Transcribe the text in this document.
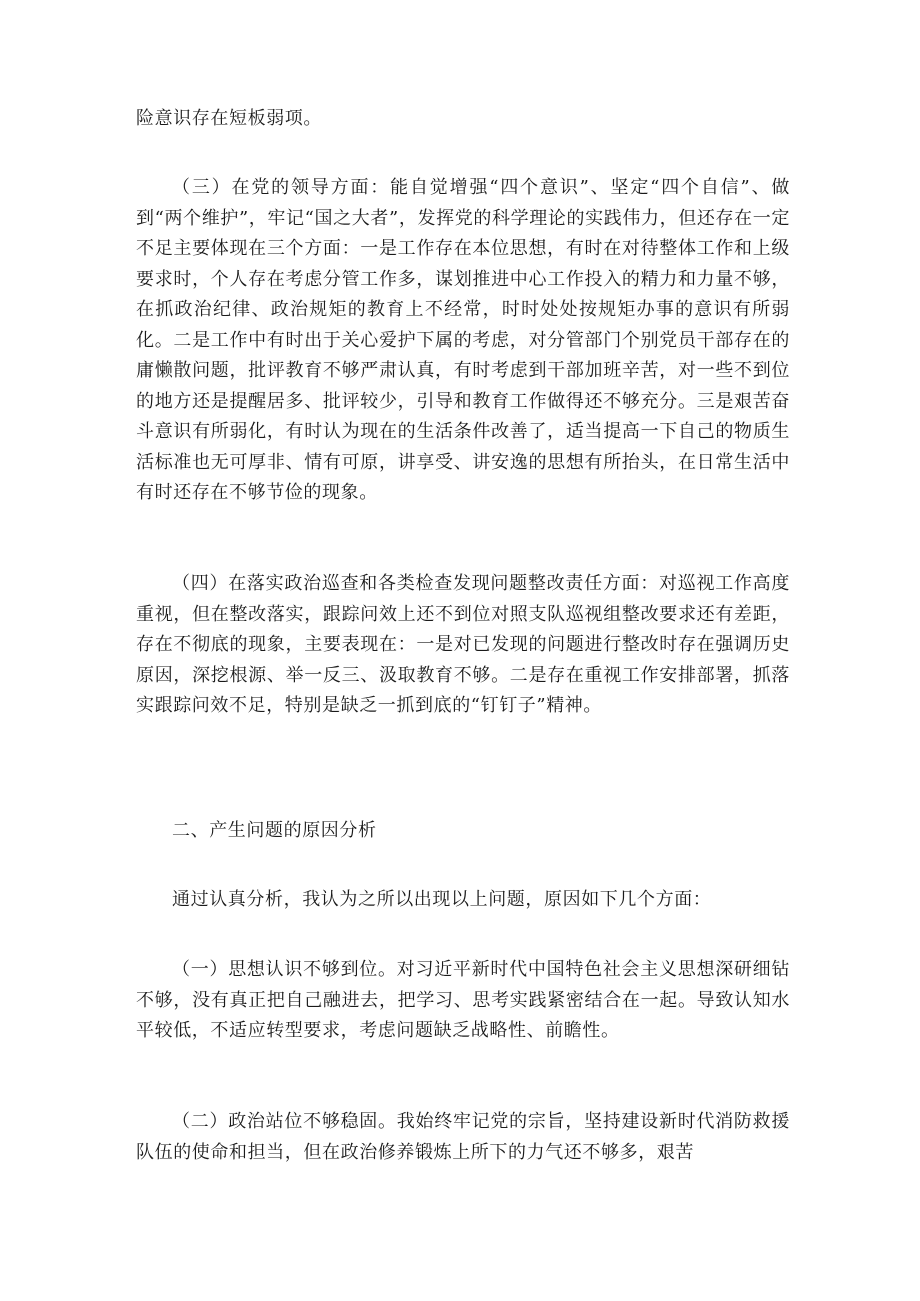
险意识存在短板弱项。

（三）在党的领导方面：能自觉增强“四个意识”、坚定“四个自信”、做到“两个维护”，牢记“国之大者”，发挥党的科学理论的实践伟力，但还存在一定不足主要体现在三个方面：一是工作存在本位思想，有时在对待整体工作和上级要求时，个人存在考虑分管工作多，谋划推进中心工作投入的精力和力量不够，在抓政治纪律、政治规矩的教育上不经常，时时处处按规矩办事的意识有所弱化。二是工作中有时出于关心爱护下属的考虑，对分管部门个别党员干部存在的庸懒散问题，批评教育不够严肃认真，有时考虑到干部加班辛苦，对一些不到位的地方还是提醒居多、批评较少，引导和教育工作做得还不够充分。三是艰苦奋斗意识有所弱化，有时认为现在的生活条件改善了，适当提高一下自己的物质生活标准也无可厚非、情有可原，讲享受、讲安逸的思想有所抬头，在日常生活中有时还存在不够节俭的现象。

（四）在落实政治巡查和各类检查发现问题整改责任方面：对巡视工作高度重视，但在整改落实，跟踪问效上还不到位对照支队巡视组整改要求还有差距，存在不彻底的现象，主要表现在：一是对已发现的问题进行整改时存在强调历史原因，深挖根源、举一反三、汲取教育不够。二是存在重视工作安排部署，抓落实跟踪问效不足，特别是缺乏一抓到底的“钉钉子”精神。

二、产生问题的原因分析

通过认真分析，我认为之所以出现以上问题，原因如下几个方面：

（一）思想认识不够到位。对习近平新时代中国特色社会主义思想深研细钻不够，没有真正把自己融进去，把学习、思考实践紧密结合在一起。导致认知水平较低，不适应转型要求，考虑问题缺乏战略性、前瞻性。

（二）政治站位不够稳固。我始终牢记党的宗旨，坚持建设新时代消防救援队伍的使命和担当，但在政治修养锻炼上所下的力气还不够多，艰苦
